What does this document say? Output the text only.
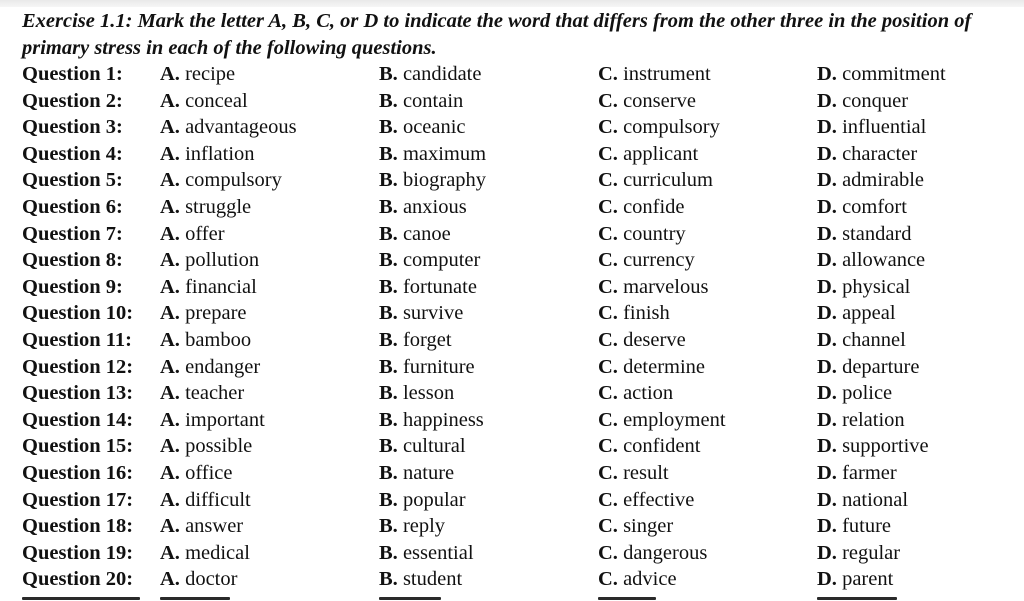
Exercise 1.1: Mark the letter A, B, C, or D to indicate the word that differs from the other three in the position of primary stress in each of the following questions.
Question 1: A. recipe	B. candidate	C. instrument	D. commitment
Question 2: A. conceal	B. contain	C. conserve	D. conquer
Question 3: A. advantageous	B. oceanic	C. compulsory	D. influential
Question 4: A. inflation	B. maximum	C. applicant	D. character
Question 5: A. compulsory	B. biography	C. curriculum	D. admirable
Question 6: A. struggle	B. anxious	C. confide	D. comfort
Question 7: A. offer	B. canoe	C. country	D. standard
Question 8: A. pollution	B. computer	C. currency	D. allowance
Question 9: A. financial	B. fortunate	C. marvelous	D. physical
Question 10: A. prepare	B. survive	C. finish	D. appeal
Question 11: A. bamboo	B. forget	C. deserve	D. channel
Question 12: A. endanger	B. furniture	C. determine	D. departure
Question 13: A. teacher	B. lesson	C. action	D. police
Question 14: A. important	B. happiness	C. employment	D. relation
Question 15: A. possible	B. cultural	C. confident	D. supportive
Question 16: A. office	B. nature	C. result	D. farmer
Question 17: A. difficult	B. popular	C. effective	D. national
Question 18: A. answer	B. reply	C. singer	D. future
Question 19: A. medical	B. essential	C. dangerous	D. regular
Question 20: A. doctor	B. student	C. advice	D. parent
